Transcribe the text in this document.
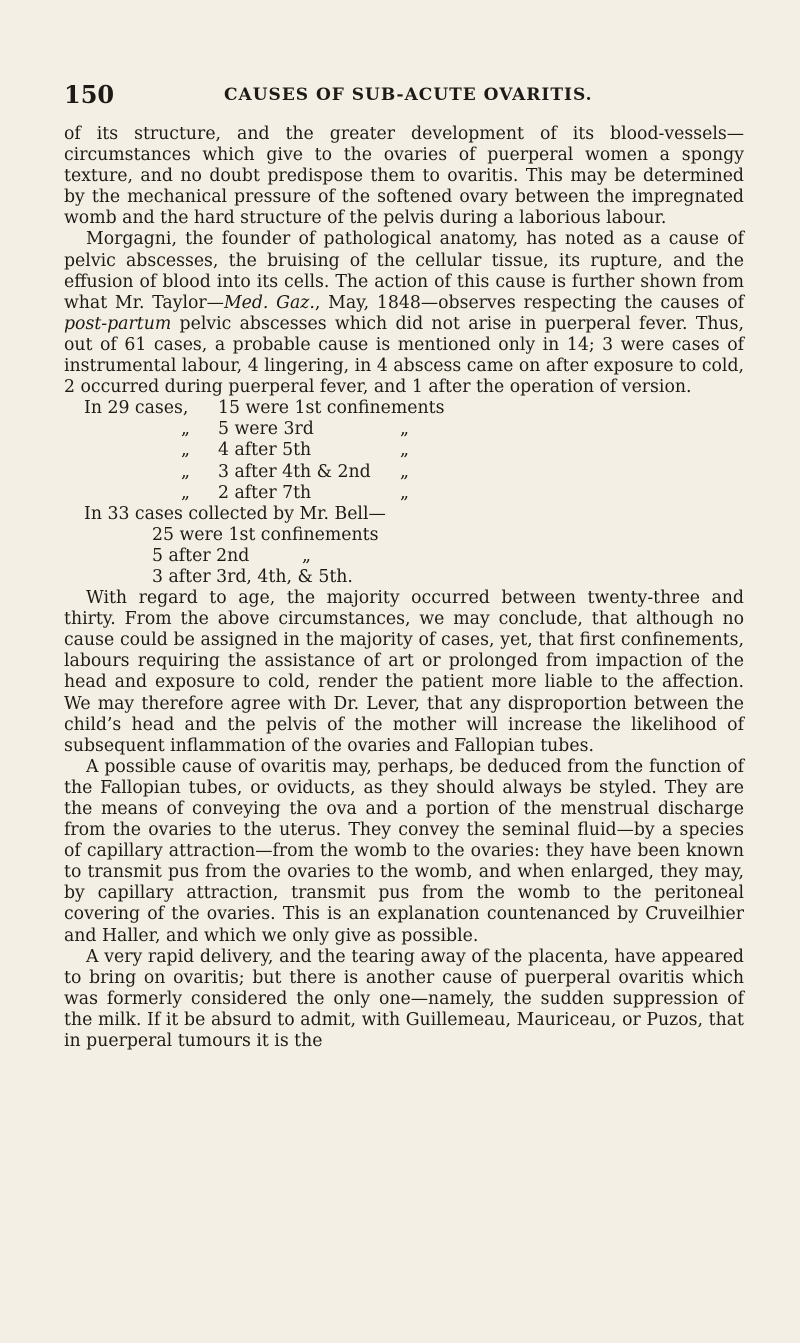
150	CAUSES OF SUB-ACUTE OVARITIS.

of its structure, and the greater development of its blood-vessels—circumstances which give to the ovaries of puerperal women a spongy texture, and no doubt predispose them to ovaritis. This may be determined by the mechanical pressure of the softened ovary between the impregnated womb and the hard structure of the pelvis during a laborious labour.

Morgagni, the founder of pathological anatomy, has noted as a cause of pelvic abscesses, the bruising of the cellular tissue, its rupture, and the effusion of blood into its cells. The action of this cause is further shown from what Mr. Taylor—Med. Gaz., May, 1848—observes respecting the causes of post-partum pelvic abscesses which did not arise in puerperal fever. Thus, out of 61 cases, a probable cause is mentioned only in 14; 3 were cases of instrumental labour, 4 lingering, in 4 abscess came on after exposure to cold, 2 occurred during puerperal fever, and 1 after the operation of version.

In 29 cases, 15 were 1st confinements
„ 5 were 3rd	„
„ 4 after 5th	„
„ 3 after 4th & 2nd „
„ 2 after 7th	„
In 33 cases collected by Mr. Bell—
25 were 1st confinements
5 after 2nd	„
3 after 3rd, 4th, & 5th.

With regard to age, the majority occurred between twenty-three and thirty. From the above circumstances, we may conclude, that although no cause could be assigned in the majority of cases, yet, that first confinements, labours requiring the assistance of art or prolonged from impaction of the head and exposure to cold, render the patient more liable to the affection. We may therefore agree with Dr. Lever, that any disproportion between the child’s head and the pelvis of the mother will increase the likelihood of subsequent inflammation of the ovaries and Fallopian tubes.

A possible cause of ovaritis may, perhaps, be deduced from the function of the Fallopian tubes, or oviducts, as they should always be styled. They are the means of conveying the ova and a portion of the menstrual discharge from the ovaries to the uterus. They convey the seminal fluid—by a species of capillary attraction—from the womb to the ovaries: they have been known to transmit pus from the ovaries to the womb, and when enlarged, they may, by capillary attraction, transmit pus from the womb to the peritoneal covering of the ovaries. This is an explanation countenanced by Cruveilhier and Haller, and which we only give as possible.

A very rapid delivery, and the tearing away of the placenta, have appeared to bring on ovaritis; but there is another cause of puerperal ovaritis which was formerly considered the only one—namely, the sudden suppression of the milk. If it be absurd to admit, with Guillemeau, Mauriceau, or Puzos, that in puerperal tumours it is the
